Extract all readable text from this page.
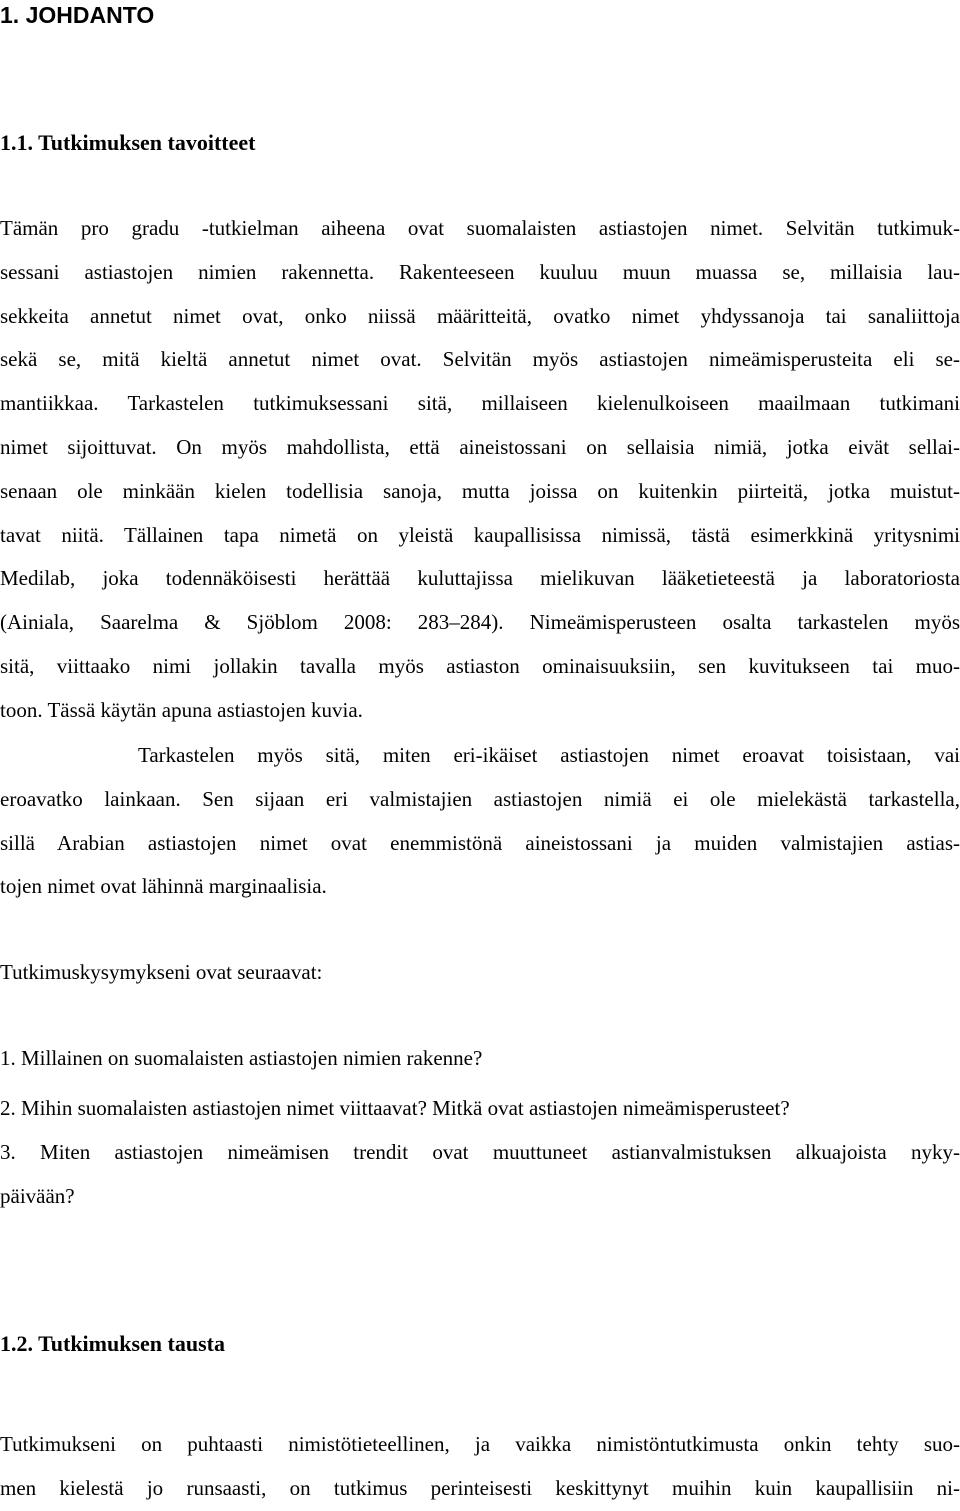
1. JOHDANTO
1.1. Tutkimuksen tavoitteet
Tämän pro gradu -tutkielman aiheena ovat suomalaisten astiastojen nimet. Selvitän tutkimuk-
sessani astiastojen nimien rakennetta. Rakenteeseen kuuluu muun muassa se, millaisia lau-
sekkeita annetut nimet ovat, onko niissä määritteitä, ovatko nimet yhdyssanoja tai sanaliittoja
sekä se, mitä kieltä annetut nimet ovat. Selvitän myös astiastojen nimeämisperusteita eli se-
mantiikkaa. Tarkastelen tutkimuksessani sitä, millaiseen kielenulkoiseen maailmaan tutkimani
nimet sijoittuvat. On myös mahdollista, että aineistossani on sellaisia nimiä, jotka eivät sellai-
senaan ole minkään kielen todellisia sanoja, mutta joissa on kuitenkin piirteitä, jotka muistut-
tavat niitä. Tällainen tapa nimetä on yleistä kaupallisissa nimissä, tästä esimerkkinä yritysnimi
Medilab, joka todennäköisesti herättää kuluttajissa mielikuvan lääketieteestä ja laboratoriosta
(Ainiala, Saarelma & Sjöblom 2008: 283–284). Nimeämisperusteen osalta tarkastelen myös
sitä, viittaako nimi jollakin tavalla myös astiaston ominaisuuksiin, sen kuvitukseen tai muo-
toon. Tässä käytän apuna astiastojen kuvia.
Tarkastelen myös sitä, miten eri-ikäiset astiastojen nimet eroavat toisistaan, vai
eroavatko lainkaan. Sen sijaan eri valmistajien astiastojen nimiä ei ole mielekästä tarkastella,
sillä Arabian astiastojen nimet ovat enemmistönä aineistossani ja muiden valmistajien astias-
tojen nimet ovat lähinnä marginaalisia.

Tutkimuskysymykseni ovat seuraavat:

1. Millainen on suomalaisten astiastojen nimien rakenne?

2. Mihin suomalaisten astiastojen nimet viittaavat? Mitkä ovat astiastojen nimeämisperusteet?

3. Miten astiastojen nimeämisen trendit ovat muuttuneet astianvalmistuksen alkuajoista nyky-
päivään?
1.2. Tutkimuksen tausta
Tutkimukseni on puhtaasti nimistötieteellinen, ja vaikka nimistöntutkimusta onkin tehty suo-
men kielestä jo runsaasti, on tutkimus perinteisesti keskittynyt muihin kuin kaupallisiin ni-
